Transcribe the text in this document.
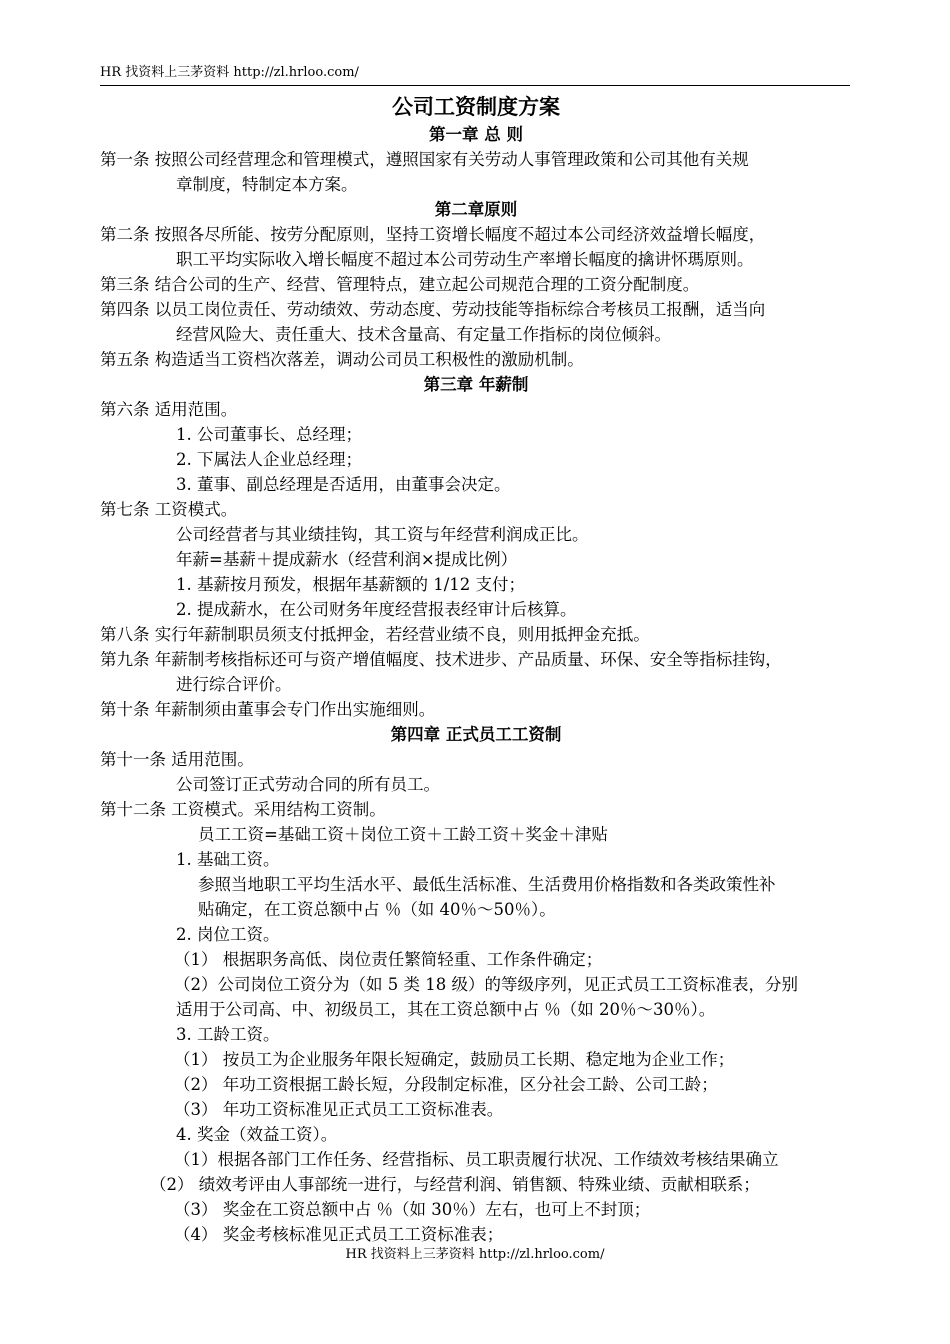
HR 找资料上三茅资料 http://zl.hrloo.com/
公司工资制度方案
第一章 总 则
第一条 按照公司经营理念和管理模式，遵照国家有关劳动人事管理政策和公司其他有关规
章制度，特制定本方案。
第二章原则
第二条 按照各尽所能、按劳分配原则，坚持工资增长幅度不超过本公司经济效益增长幅度，
职工平均实际收入增长幅度不超过本公司劳动生产率增长幅度的擒讲怀瑪原则。
第三条 结合公司的生产、经营、管理特点，建立起公司规范合理的工资分配制度。
第四条 以员工岗位责任、劳动绩效、劳动态度、劳动技能等指标综合考核员工报酬，适当向
经营风险大、责任重大、技术含量高、有定量工作指标的岗位倾斜。
第五条 构造适当工资档次落差，调动公司员工积极性的激励机制。
第三章 年薪制
第六条 适用范围。
1. 公司董事长、总经理；
2. 下属法人企业总经理；
3. 董事、副总经理是否适用，由董事会决定。
第七条 工资模式。
公司经营者与其业绩挂钩，其工资与年经营利润成正比。
年薪=基薪＋提成薪水（经营利润×提成比例）
1. 基薪按月预发，根据年基薪额的 1/12 支付；
2. 提成薪水，在公司财务年度经营报表经审计后核算。
第八条 实行年薪制职员须支付抵押金，若经营业绩不良，则用抵押金充抵。
第九条 年薪制考核指标还可与资产增值幅度、技术进步、产品质量、环保、安全等指标挂钩，
进行综合评价。
第十条 年薪制须由董事会专门作出实施细则。
第四章 正式员工工资制
第十一条 适用范围。
公司签订正式劳动合同的所有员工。
第十二条 工资模式。采用结构工资制。
员工工资=基础工资＋岗位工资＋工龄工资＋奖金＋津贴
1. 基础工资。
参照当地职工平均生活水平、最低生活标准、生活费用价格指数和各类政策性补
贴确定，在工资总额中占 ％（如 40％～50％）。
2. 岗位工资。
（1） 根据职务高低、岗位责任繁简轻重、工作条件确定；
（2）公司岗位工资分为（如 5 类 18 级）的等级序列，见正式员工工资标准表，分别
适用于公司高、中、初级员工，其在工资总额中占 ％（如 20％～30％）。
3. 工龄工资。
（1） 按员工为企业服务年限长短确定，鼓励员工长期、稳定地为企业工作；
（2） 年功工资根据工龄长短，分段制定标准，区分社会工龄、公司工龄；
（3） 年功工资标准见正式员工工资标准表。
4. 奖金（效益工资）。
（1）根据各部门工作任务、经营指标、员工职责履行状况、工作绩效考核结果确立
（2） 绩效考评由人事部统一进行，与经营利润、销售额、特殊业绩、贡献相联系；
（3） 奖金在工资总额中占 ％（如 30％）左右，也可上不封顶；
（4） 奖金考核标准见正式员工工资标准表；
HR 找资料上三茅资料 http://zl.hrloo.com/
